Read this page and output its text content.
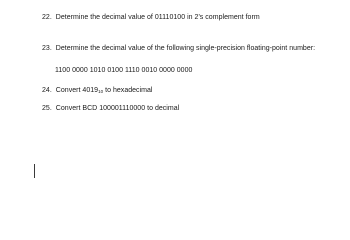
22. Determine the decimal value of 01110100 in 2's complement form
23. Determine the decimal value of the following single-precision floating-point number:
1100 0000 1010 0100 1110 0010 0000 0000
24. Convert $4019_{10}$ to hexadecimal
25. Convert BCD 100001110000 to decimal
